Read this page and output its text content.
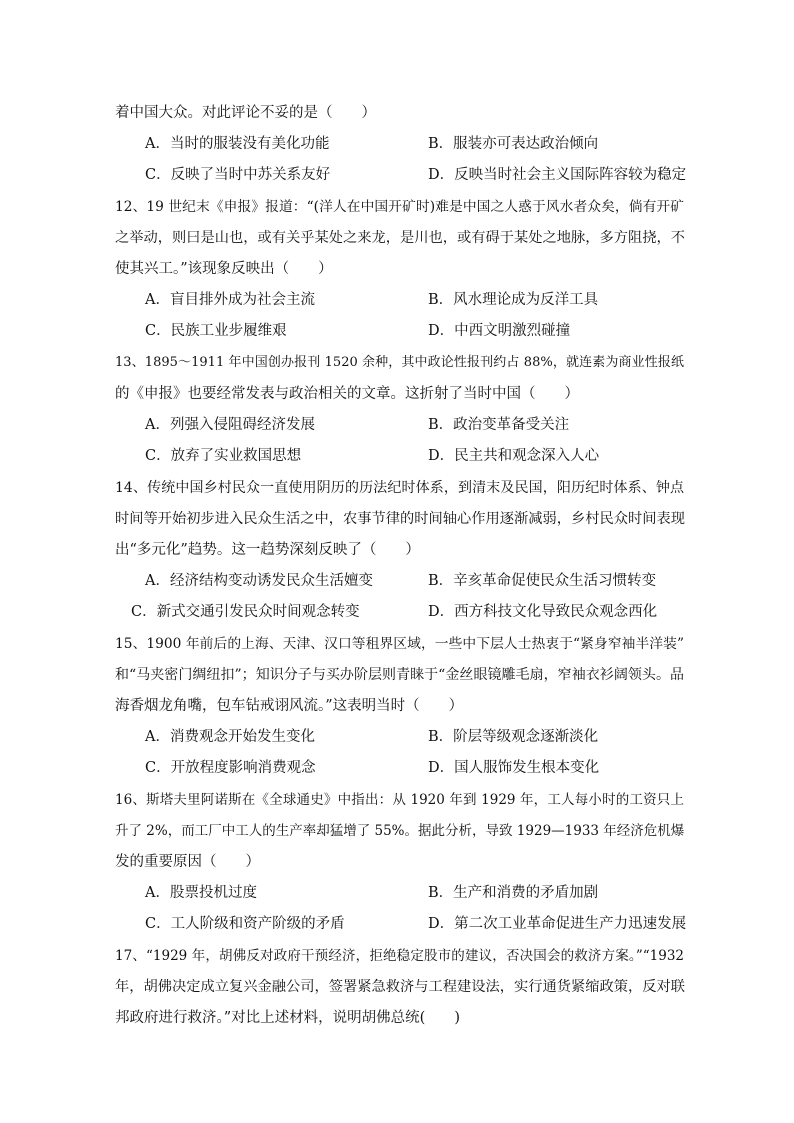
着中国大众。对此评论不妥的是（　　）
A．当时的服装没有美化功能	B．服装亦可表达政治倾向
C．反映了当时中苏关系友好	D．反映当时社会主义国际阵容较为稳定
12、19 世纪末《申报》报道：“(洋人在中国开矿时)难是中国之人惑于风水者众矣，倘有开矿
之举动，则曰是山也，或有关乎某处之来龙，是川也，或有碍于某处之地脉，多方阻挠，不
使其兴工。”该现象反映出（　　）
A．盲目排外成为社会主流	B．风水理论成为反洋工具
C．民族工业步履维艰	D．中西文明激烈碰撞
13、1895～1911 年中国创办报刊 1520 余种，其中政论性报刊约占 88%，就连素为商业性报纸
的《申报》也要经常发表与政治相关的文章。这折射了当时中国（　　）
A．列强入侵阻碍经济发展	B．政治变革备受关注
C．放弃了实业救国思想	D．民主共和观念深入人心
14、传统中国乡村民众一直使用阴历的历法纪时体系，到清末及民国，阳历纪时体系、钟点
时间等开始初步进入民众生活之中，农事节律的时间轴心作用逐渐减弱，乡村民众时间表现
出“多元化”趋势。这一趋势深刻反映了（　　）
A．经济结构变动诱发民众生活嬗变	B．辛亥革命促使民众生活习惯转变
C．新式交通引发民众时间观念转变	D．西方科技文化导致民众观念西化
15、1900 年前后的上海、天津、汉口等租界区域，一些中下层人士热衷于“紧身窄袖半洋装”
和“马夹密门绸纽扣”；知识分子与买办阶层则青睐于“金丝眼镜雕毛扇，窄袖衣衫阔领头。品
海香烟龙角嘴，包车钻戒诩风流。”这表明当时（　　）
A．消费观念开始发生变化	B．阶层等级观念逐渐淡化
C．开放程度影响消费观念	D．国人服饰发生根本变化
16、斯塔夫里阿诺斯在《全球通史》中指出：从 1920 年到 1929 年，工人每小时的工资只上
升了 2%，而工厂中工人的生产率却猛增了 55%。据此分析，导致 1929—1933 年经济危机爆
发的重要原因（　　）
A．股票投机过度	B．生产和消费的矛盾加剧
C．工人阶级和资产阶级的矛盾	D．第二次工业革命促进生产力迅速发展
17、“1929 年，胡佛反对政府干预经济，拒绝稳定股市的建议，否决国会的救济方案。”“1932
年，胡佛决定成立复兴金融公司，签署紧急救济与工程建设法，实行通货紧缩政策，反对联
邦政府进行救济。”对比上述材料，说明胡佛总统(　　)
